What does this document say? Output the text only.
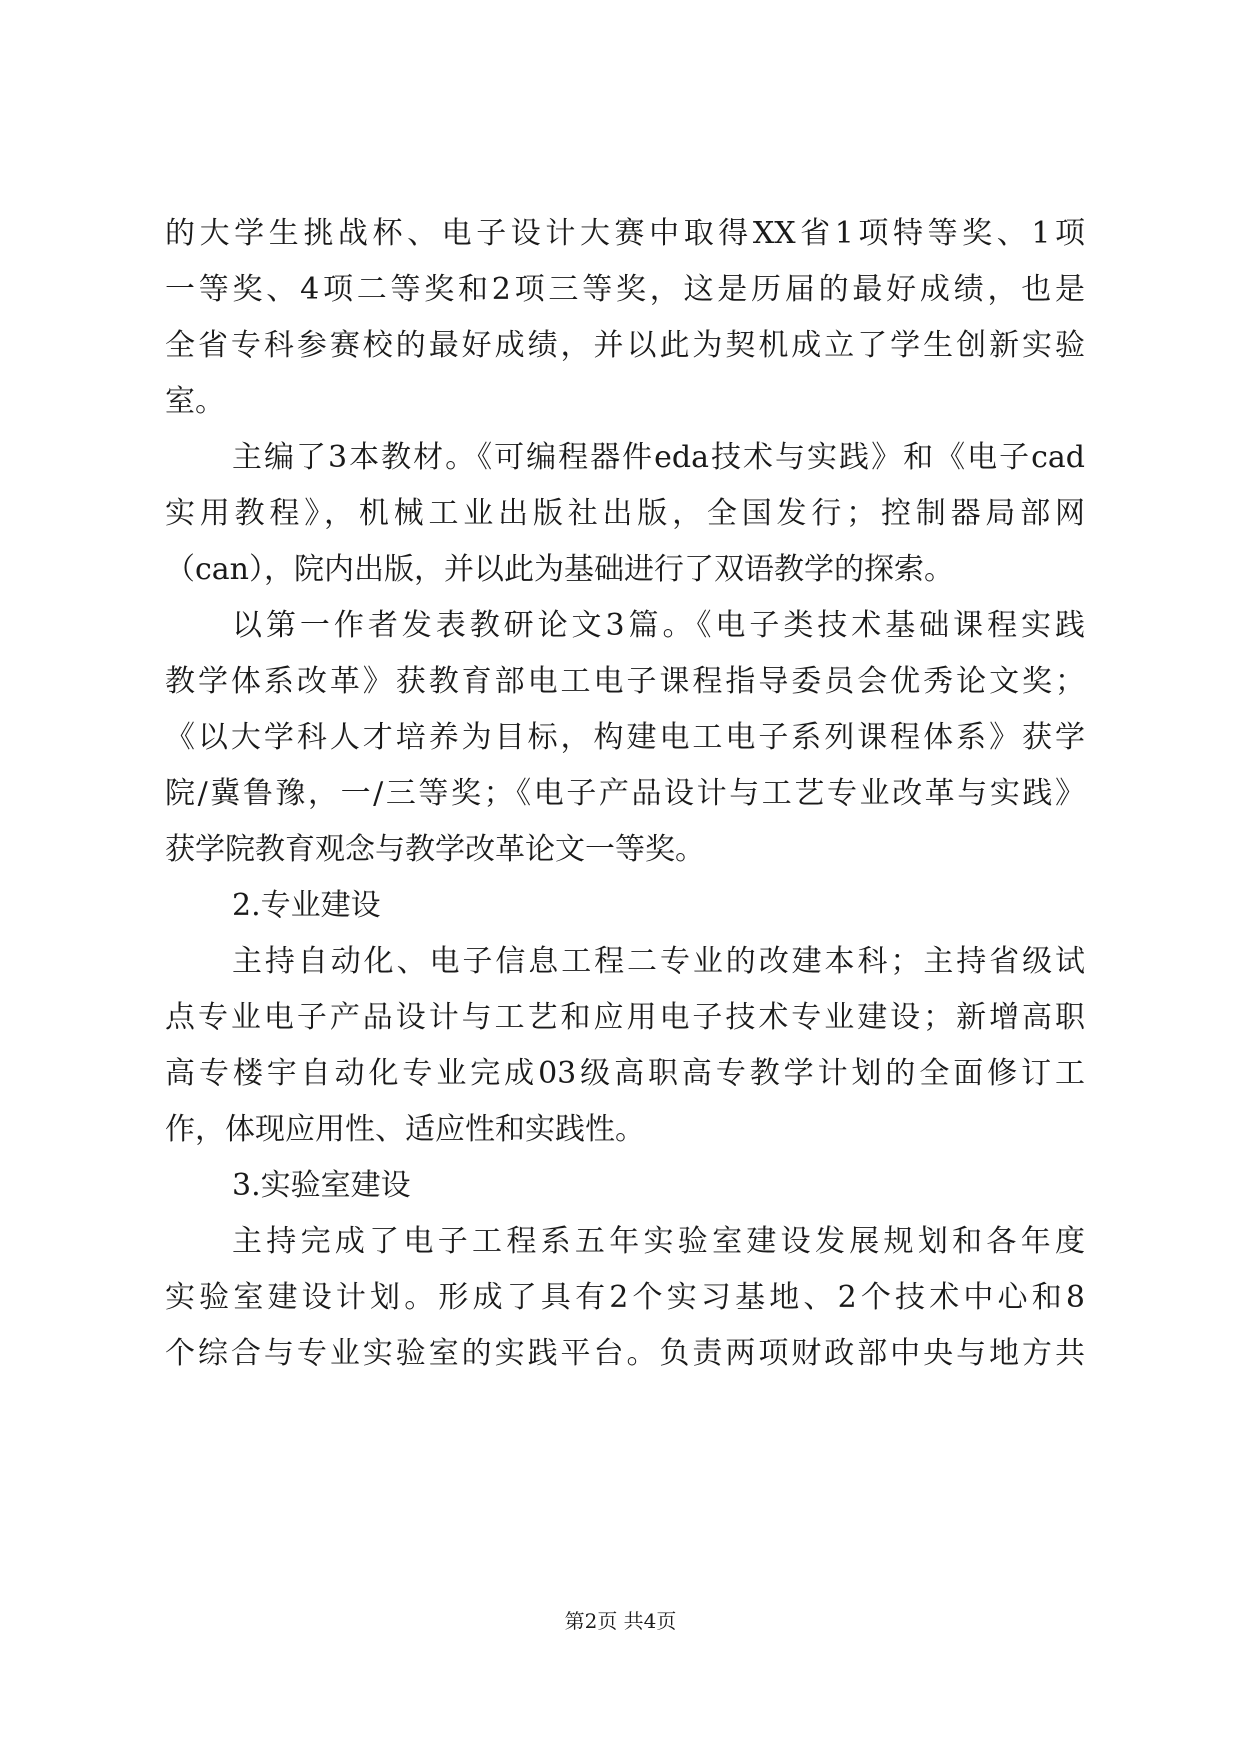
的大学生挑战杯、电子设计大赛中取得XX省1项特等奖、1项
一等奖、4项二等奖和2项三等奖，这是历届的最好成绩，也是
全省专科参赛校的最好成绩，并以此为契机成立了学生创新实验
室。
主编了3本教材。《可编程器件eda技术与实践》和《电子cad
实用教程》，机械工业出版社出版，全国发行；控制器局部网
（can），院内出版，并以此为基础进行了双语教学的探索。
以第一作者发表教研论文3篇。《电子类技术基础课程实践
教学体系改革》获教育部电工电子课程指导委员会优秀论文奖；
《以大学科人才培养为目标，构建电工电子系列课程体系》获学
院/冀鲁豫，一/三等奖；《电子产品设计与工艺专业改革与实践》
获学院教育观念与教学改革论文一等奖。
2.专业建设
主持自动化、电子信息工程二专业的改建本科；主持省级试
点专业电子产品设计与工艺和应用电子技术专业建设；新增高职
高专楼宇自动化专业完成03级高职高专教学计划的全面修订工
作，体现应用性、适应性和实践性。
3.实验室建设
主持完成了电子工程系五年实验室建设发展规划和各年度
实验室建设计划。形成了具有2个实习基地、2个技术中心和8
个综合与专业实验室的实践平台。负责两项财政部中央与地方共
第2页 共4页
